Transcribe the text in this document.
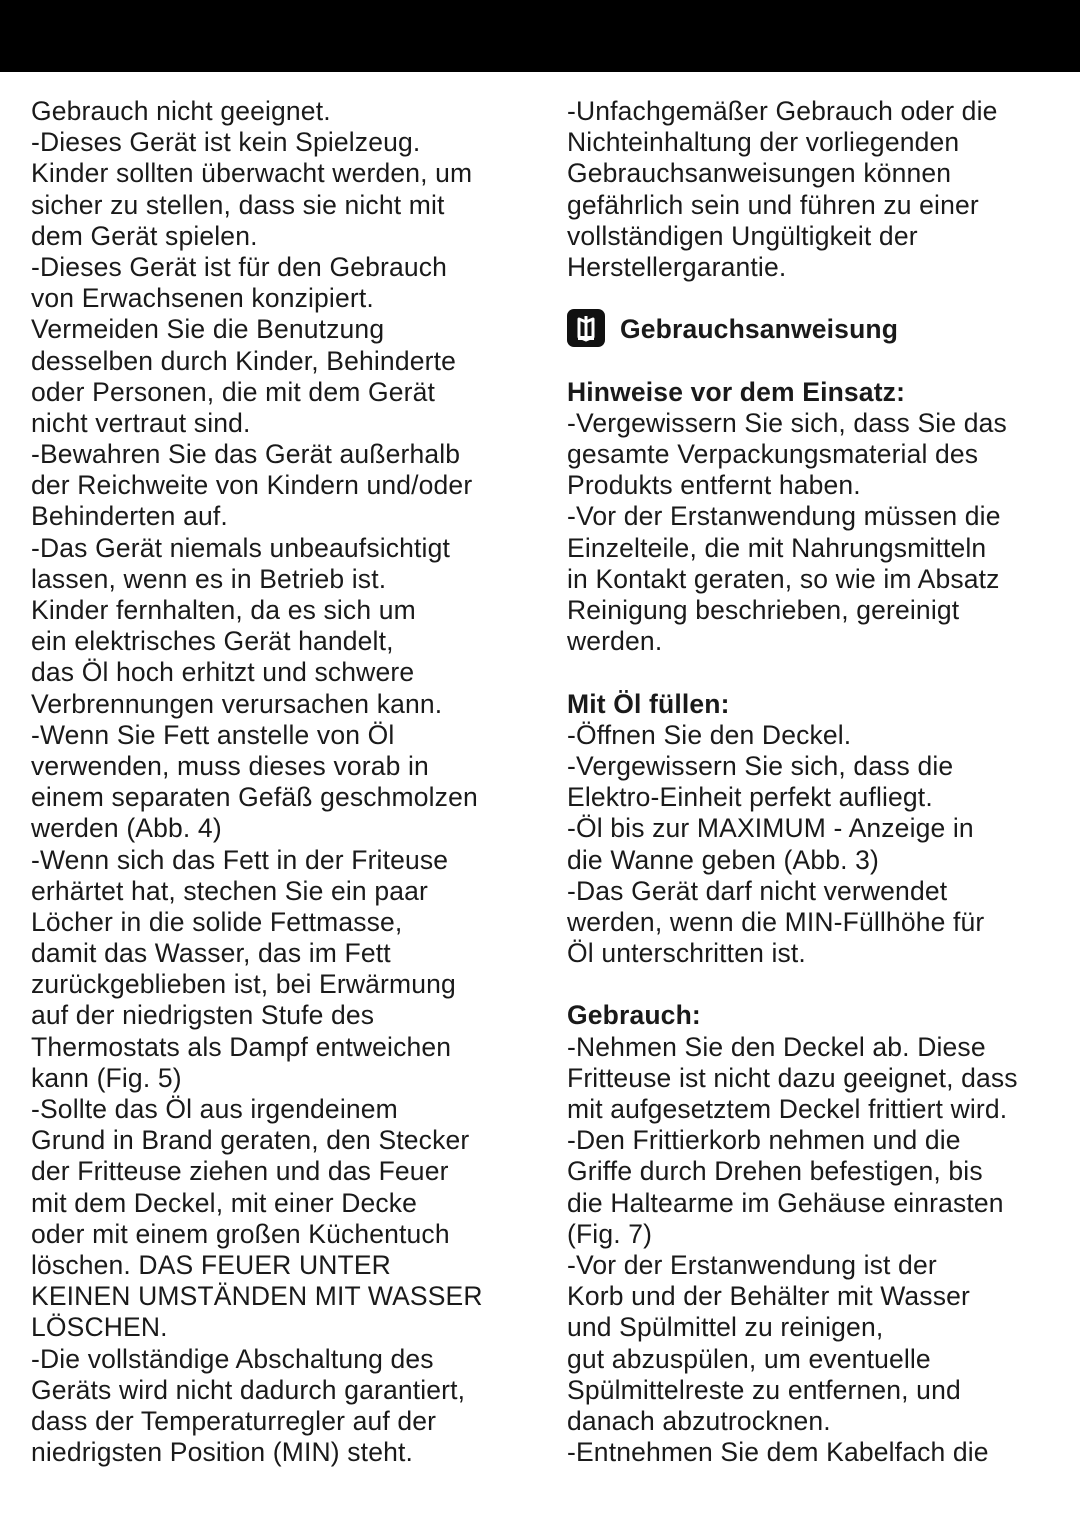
Gebrauch nicht geeignet.
-Dieses Gerät ist kein Spielzeug.
Kinder sollten überwacht werden, um
sicher zu stellen, dass sie nicht mit
dem Gerät spielen.
-Dieses Gerät ist für den Gebrauch
von Erwachsenen konzipiert.
Vermeiden Sie die Benutzung
desselben durch Kinder, Behinderte
oder Personen, die mit dem Gerät
nicht vertraut sind.
-Bewahren Sie das Gerät außerhalb
der Reichweite von Kindern und/oder
Behinderten auf.
-Das Gerät niemals unbeaufsichtigt
lassen, wenn es in Betrieb ist.
Kinder fernhalten, da es sich um
ein elektrisches Gerät handelt,
das Öl hoch erhitzt und schwere
Verbrennungen verursachen kann.
-Wenn Sie Fett anstelle von Öl
verwenden, muss dieses vorab in
einem separaten Gefäß geschmolzen
werden (Abb. 4)
-Wenn sich das Fett in der Friteuse
erhärtet hat, stechen Sie ein paar
Löcher in die solide Fettmasse,
damit das Wasser, das im Fett
zurückgeblieben ist, bei Erwärmung
auf der niedrigsten Stufe des
Thermostats als Dampf entweichen
kann (Fig. 5)
-Sollte das Öl aus irgendeinem
Grund in Brand geraten, den Stecker
der Fritteuse ziehen und das Feuer
mit dem Deckel, mit einer Decke
oder mit einem großen Küchentuch
löschen. DAS FEUER UNTER
KEINEN UMSTÄNDEN MIT WASSER
LÖSCHEN.
-Die vollständige Abschaltung des
Geräts wird nicht dadurch garantiert,
dass der Temperaturregler auf der
niedrigsten Position (MIN) steht.
-Unfachgemäßer Gebrauch oder die
Nichteinhaltung der vorliegenden
Gebrauchsanweisungen können
gefährlich sein und führen zu einer
vollständigen Ungültigkeit der
Herstellergarantie.
Gebrauchsanweisung
Hinweise vor dem Einsatz:
-Vergewissern Sie sich, dass Sie das
gesamte Verpackungsmaterial des
Produkts entfernt haben.
-Vor der Erstanwendung müssen die
Einzelteile, die mit Nahrungsmitteln
in Kontakt geraten, so wie im Absatz
Reinigung beschrieben, gereinigt
werden.
Mit Öl füllen:
-Öffnen Sie den Deckel.
-Vergewissern Sie sich, dass die
Elektro-Einheit perfekt aufliegt.
-Öl bis zur MAXIMUM - Anzeige in
die Wanne geben (Abb. 3)
-Das Gerät darf nicht verwendet
werden, wenn die MIN-Füllhöhe für
Öl unterschritten ist.
Gebrauch:
-Nehmen Sie den Deckel ab. Diese
Fritteuse ist nicht dazu geeignet, dass
mit aufgesetztem Deckel frittiert wird.
-Den Frittierkorb nehmen und die
Griffe durch Drehen befestigen, bis
die Haltearme im Gehäuse einrasten
(Fig. 7)
-Vor der Erstanwendung ist der
Korb und der Behälter mit Wasser
und Spülmittel zu reinigen,
gut abzuspülen, um eventuelle
Spülmittelreste zu entfernen, und
danach abzutrocknen.
-Entnehmen Sie dem Kabelfach die
